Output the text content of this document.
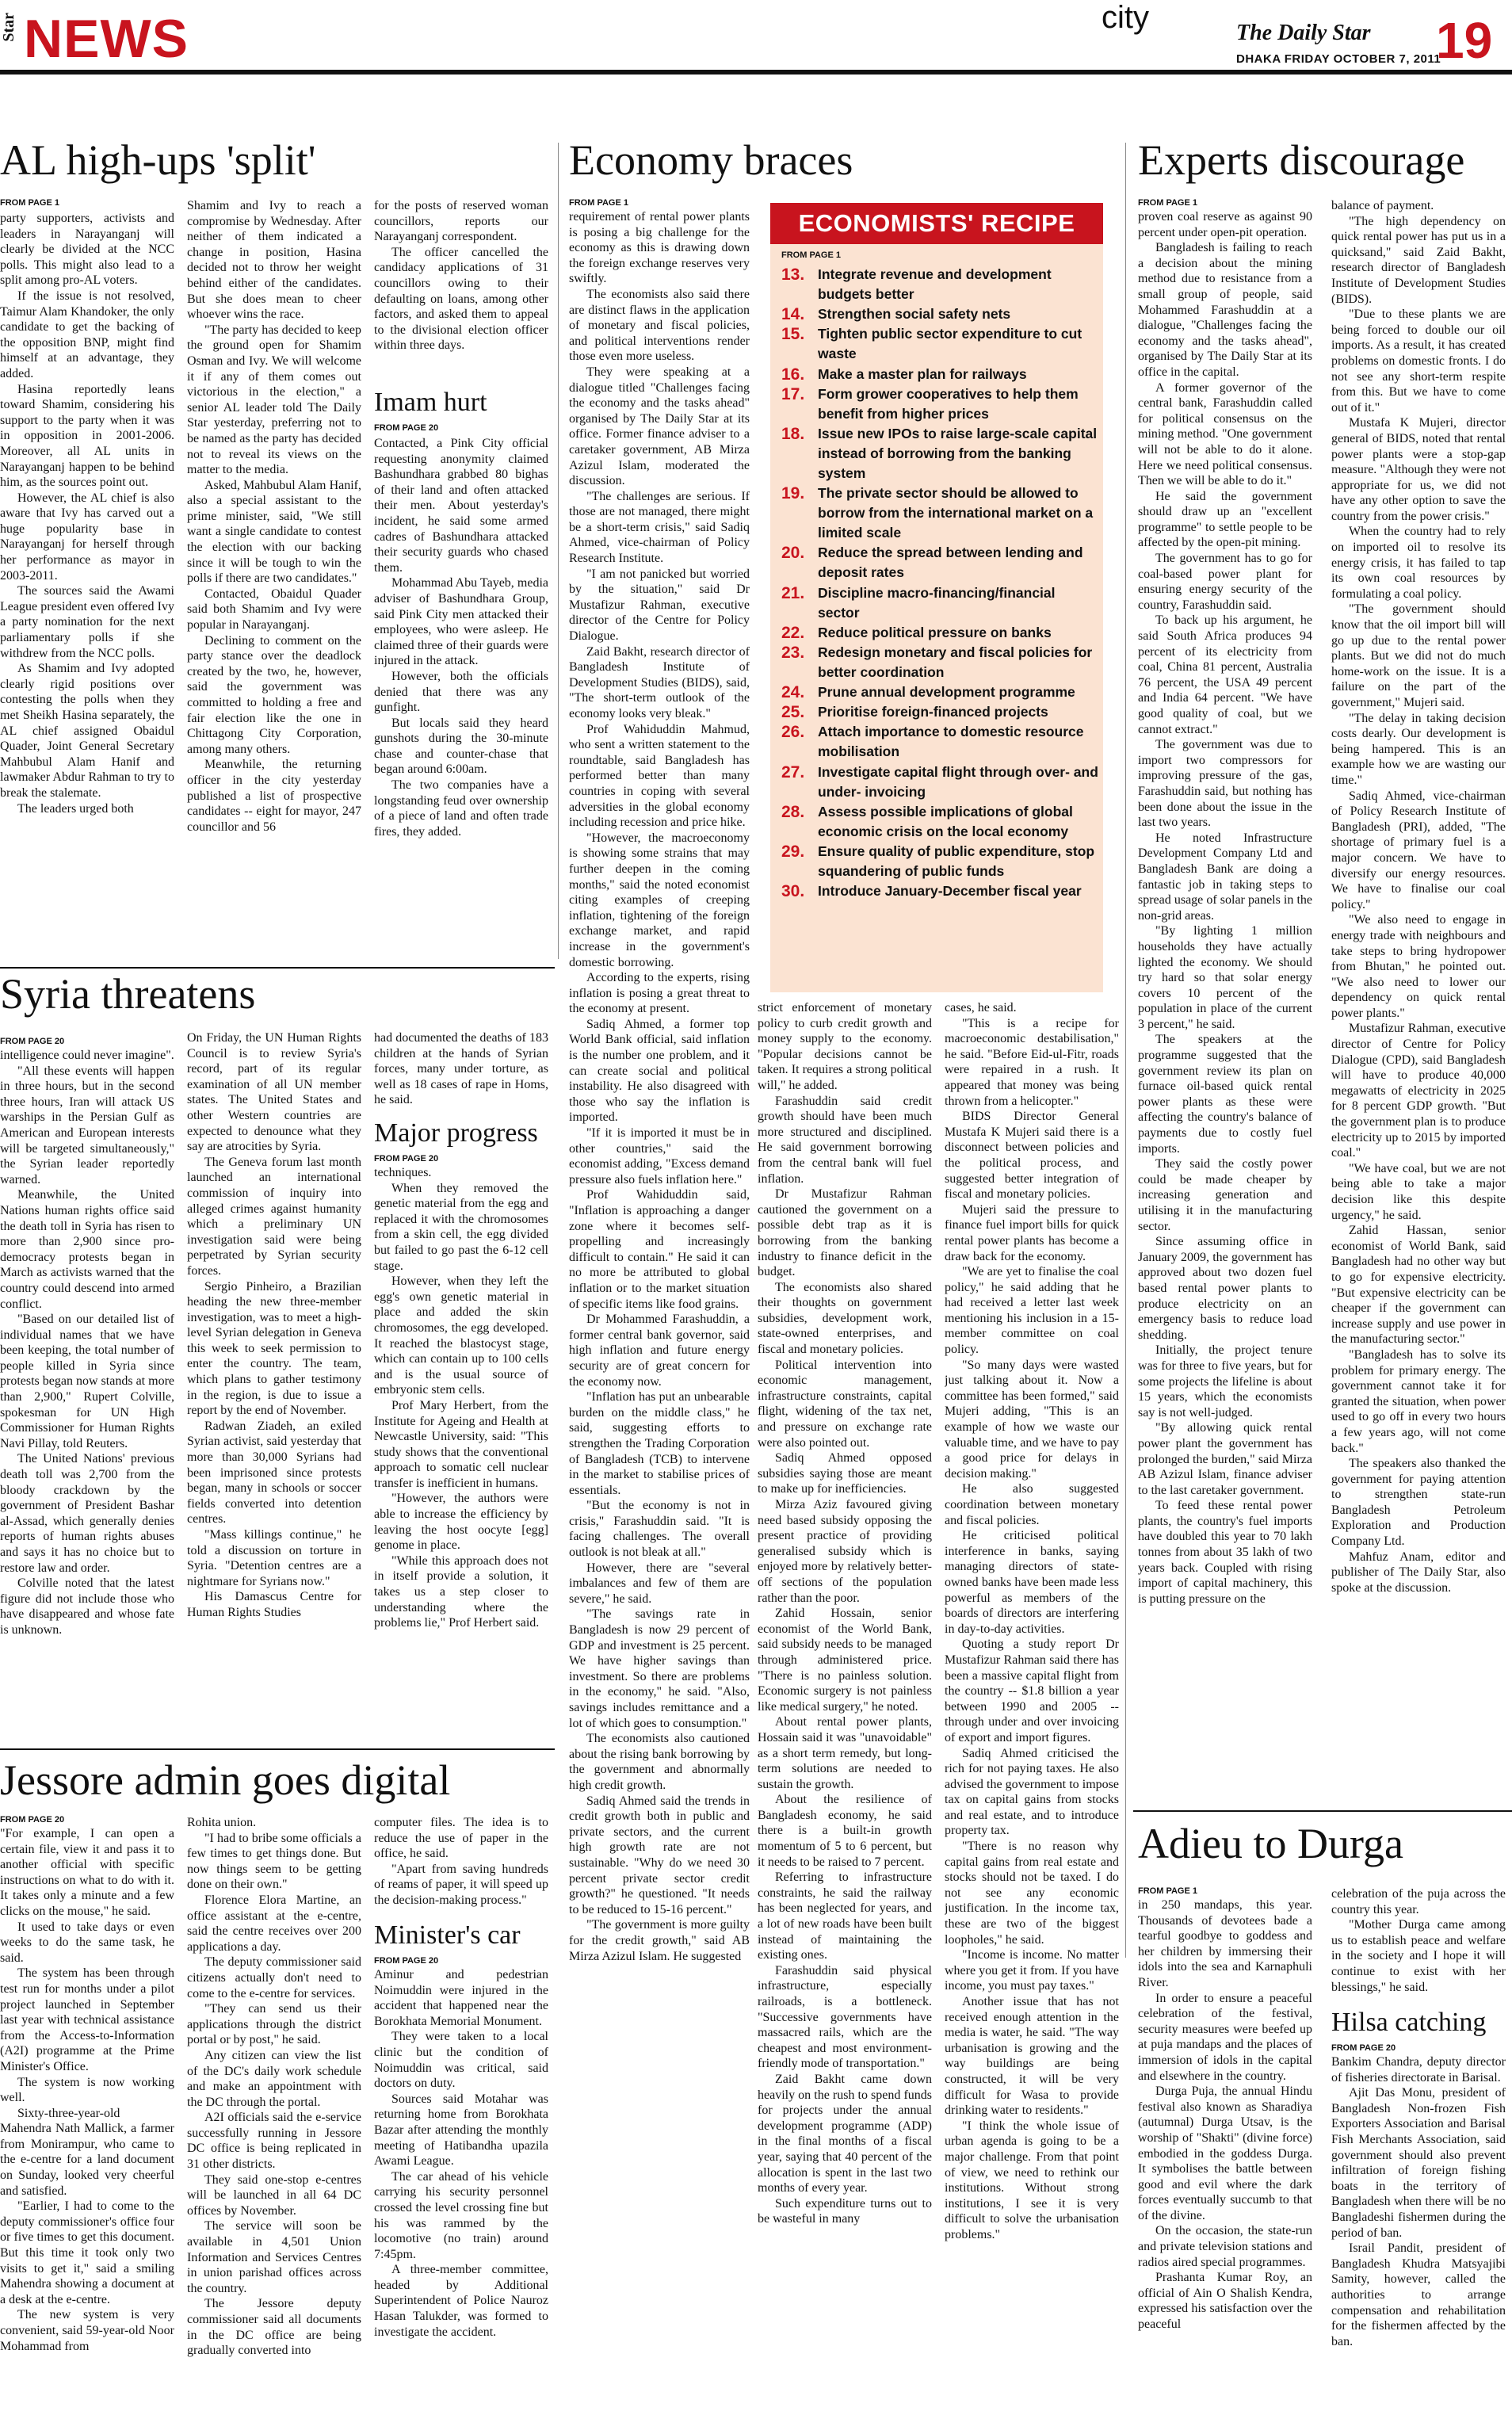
Star NEWS	city	The Daily Star
DHAKA FRIDAY OCTOBER 7, 2011
19
AL high-ups 'split'
FROM PAGE 1

party supporters, activists and leaders in Narayanganj will clearly be divided at the NCC polls. This might also lead to a split among pro-AL voters.

If the issue is not resolved, Taimur Alam Khandoker, the only candidate to get the backing of the opposition BNP, might find himself at an advantage, they added.

Hasina reportedly leans toward Shamim, considering his support to the party when it was in opposition in 2001-2006. Moreover, all AL units in Narayanganj happen to be behind him, as the sources point out.

However, the AL chief is also aware that Ivy has carved out a huge popularity base in Narayanganj for herself through her performance as mayor in 2003-2011.

The sources said the Awami League president even offered Ivy a party nomination for the next parliamentary polls if she withdrew from the NCC polls.

As Shamim and Ivy adopted clearly rigid positions over contesting the polls when they met Sheikh Hasina separately, the AL chief assigned Obaidul Quader, Joint General Secretary Mahbubul Alam Hanif and lawmaker Abdur Rahman to try to break the stalemate.

The leaders urged both

Shamim and Ivy to reach a compromise by Wednesday. After neither of them indicated a change in position, Hasina decided not to throw her weight behind either of the candidates. But she does mean to cheer whoever wins the race.

"The party has decided to keep the ground open for Shamim Osman and Ivy. We will welcome it if any of them comes out victorious in the election," a senior AL leader told The Daily Star yesterday, preferring not to be named as the party has decided not to reveal its views on the matter to the media.

Asked, Mahbubul Alam Hanif, also a special assistant to the prime minister, said, "We still want a single candidate to contest the election with our backing since it will be tough to win the polls if there are two candidates."

Contacted, Obaidul Quader said both Shamim and Ivy were popular in Narayanganj.

Declining to comment on the party stance over the deadlock created by the two, he, however, said the government was committed to holding a free and fair election like the one in Chittagong City Corporation, among many others.

Meanwhile, the returning officer in the city yesterday published a list of prospective candidates -- eight for mayor, 247 councillor and 56

for the posts of reserved woman councillors, reports our Narayanganj correspondent.

The officer cancelled the candidacy applications of 31 councillors owing to their defaulting on loans, among other factors, and asked them to appeal to the divisional election officer within three days.

Imam hurt
FROM PAGE 20

Contacted, a Pink City official requesting anonymity claimed Bashundhara grabbed 80 bighas of their land and often attacked their men. About yesterday's incident, he said some armed cadres of Bashundhara attacked their security guards who chased them.

Mohammad Abu Tayeb, media adviser of Bashundhara Group, said Pink City men attacked their employees, who were asleep. He claimed three of their guards were injured in the attack.

However, both the officials denied that there was any gunfight.

But locals said they heard gunshots during the 30-minute chase and counter-chase that began around 6:00am.

The two companies have a longstanding feud over ownership of a piece of land and often trade fires, they added.

Syria threatens
FROM PAGE 20

intelligence could never imagine".

"All these events will happen in three hours, but in the second three hours, Iran will attack US warships in the Persian Gulf as American and European interests will be targeted simultaneously," the Syrian leader reportedly warned.

Meanwhile, the United Nations human rights office said the death toll in Syria has risen to more than 2,900 since pro-democracy protests began in March as activists warned that the country could descend into armed conflict.

"Based on our detailed list of individual names that we have been keeping, the total number of people killed in Syria since protests began now stands at more than 2,900," Rupert Colville, spokesman for UN High Commissioner for Human Rights Navi Pillay, told Reuters.

The United Nations' previous death toll was 2,700 from the bloody crackdown by the government of President Bashar al-Assad, which generally denies reports of human rights abuses and says it has no choice but to restore law and order.

Colville noted that the latest figure did not include those who have disappeared and whose fate is unknown.

On Friday, the UN Human Rights Council is to review Syria's record, part of its regular examination of all UN member states. The United States and other Western countries are expected to denounce what they say are atrocities by Syria.

The Geneva forum last month launched an international commission of inquiry into alleged crimes against humanity which a preliminary UN investigation said were being perpetrated by Syrian security forces.

Sergio Pinheiro, a Brazilian heading the new three-member investigation, was to meet a high-level Syrian delegation in Geneva this week to seek permission to enter the country. The team, which plans to gather testimony in the region, is due to issue a report by the end of November.

Radwan Ziadeh, an exiled Syrian activist, said yesterday that more than 30,000 Syrians had been imprisoned since protests began, many in schools or soccer fields converted into detention centres.

"Mass killings continue," he told a discussion on torture in Syria. "Detention centres are a nightmare for Syrians now."

His Damascus Centre for Human Rights Studies

had documented the deaths of 183 children at the hands of Syrian forces, many under torture, as well as 18 cases of rape in Homs, he said.

Major progress
FROM PAGE 20

techniques.

When they removed the genetic material from the egg and replaced it with the chromosomes from a skin cell, the egg divided but failed to go past the 6-12 cell stage.

However, when they left the egg's own genetic material in place and added the skin chromosomes, the egg developed. It reached the blastocyst stage, which can contain up to 100 cells and is the usual source of embryonic stem cells.

Prof Mary Herbert, from the Institute for Ageing and Health at Newcastle University, said: "This study shows that the conventional approach to somatic cell nuclear transfer is inefficient in humans.

"However, the authors were able to increase the efficiency by leaving the host oocyte [egg] genome in place.

"While this approach does not in itself provide a solution, it takes us a step closer to understanding where the problems lie," Prof Herbert said.

Jessore admin goes digital
FROM PAGE 20

"For example, I can open a certain file, view it and pass it to another official with specific instructions on what to do with it. It takes only a minute and a few clicks on the mouse," he said.

It used to take days or even weeks to do the same task, he said.

The system has been through test run for months under a pilot project launched in September last year with technical assistance from the Access-to-Information (A2I) programme at the Prime Minister's Office.

The system is now working well.

Sixty-three-year-old Mahendra Nath Mallick, a farmer from Monirampur, who came to the e-centre for a land document on Sunday, looked very cheerful and satisfied.

"Earlier, I had to come to the deputy commissioner's office four or five times to get this document. But this time it took only two visits to get it," said a smiling Mahendra showing a document at a desk at the e-centre.

The new system is very convenient, said 59-year-old Noor Mohammad from

Rohita union.

"I had to bribe some officials a few times to get things done. But now things seem to be getting done on their own."

Florence Elora Martine, an office assistant at the e-centre, said the centre receives over 200 applications a day.

The deputy commissioner said citizens actually don't need to come to the e-centre for services.

"They can send us their applications through the district portal or by post," he said.

Any citizen can view the list of the DC's daily work schedule and make an appointment with the DC through the portal.

A2I officials said the e-service successfully running in Jessore DC office is being replicated in 31 other districts.

They said one-stop e-centres will be launched in all 64 DC offices by November.

The service will soon be available in 4,501 Union Information and Services Centres in union parishad offices across the country.

The Jessore deputy commissioner said all documents in the DC office are being gradually converted into

computer files. The idea is to reduce the use of paper in the office, he said.

"Apart from saving hundreds of reams of paper, it will speed up the decision-making process."

Minister's car
FROM PAGE 20

Aminur and pedestrian Noimuddin were injured in the accident that happened near the Borokhata Memorial Monument.

They were taken to a local clinic but the condition of Noimuddin was critical, said doctors on duty.

Sources said Motahar was returning home from Borokhata Bazar after attending the monthly meeting of Hatibandha upazila Awami League.

The car ahead of his vehicle carrying his security personnel crossed the level crossing fine but his was rammed by the locomotive (no train) around 7:45pm.

A three-member committee, headed by Additional Superintendent of Police Nauroz Hasan Talukder, was formed to investigate the accident.

Economy braces
FROM PAGE 1

requirement of rental power plants is posing a big challenge for the economy as this is drawing down the foreign exchange reserves very swiftly.

The economists also said there are distinct flaws in the application of monetary and fiscal policies, and political interventions render those even more useless.

They were speaking at a dialogue titled "Challenges facing the economy and the tasks ahead" organised by The Daily Star at its office. Former finance adviser to a caretaker government, AB Mirza Azizul Islam, moderated the discussion.

"The challenges are serious. If those are not managed, there might be a short-term crisis," said Sadiq Ahmed, vice-chairman of Policy Research Institute.

"I am not panicked but worried by the situation," said Dr Mustafizur Rahman, executive director of the Centre for Policy Dialogue.

Zaid Bakht, research director of Bangladesh Institute of Development Studies (BIDS), said, "The short-term outlook of the economy looks very bleak."

Prof Wahiduddin Mahmud, who sent a written statement to the roundtable, said Bangladesh has performed better than many countries in coping with several adversities in the global economy including recession and price hike.

"However, the macroeconomy is showing some strains that may further deepen in the coming months," said the noted economist citing examples of creeping inflation, tightening of the foreign exchange market, and rapid increase in the government's domestic borrowing.

According to the experts, rising inflation is posing a great threat to the economy at present.

Sadiq Ahmed, a former top World Bank official, said inflation is the number one problem, and it can create social and political instability. He also disagreed with those who say the inflation is imported.

"If it is imported it must be in other countries," said the economist adding, "Excess demand pressure also fuels inflation here."

Prof Wahiduddin said, "Inflation is approaching a danger zone where it becomes self-propelling and increasingly difficult to contain." He said it can no more be attributed to global inflation or to the market situation of specific items like food grains.

Dr Mohammed Farashuddin, a former central bank governor, said high inflation and future energy security are of great concern for the economy now.

"Inflation has put an unbearable burden on the middle class," he said, suggesting efforts to strengthen the Trading Corporation of Bangladesh (TCB) to intervene in the market to stabilise prices of essentials.

"But the economy is not in crisis," Farashuddin said. "It is facing challenges. The overall outlook is not bleak at all."

However, there are "several imbalances and few of them are severe," he said.

"The savings rate in Bangladesh is now 29 percent of GDP and investment is 25 percent. We have higher savings than investment. So there are problems in the economy," he said. "Also, savings includes remittance and a lot of which goes to consumption."

The economists also cautioned about the rising bank borrowing by the government and abnormally high credit growth.

Sadiq Ahmed said the trends in credit growth both in public and private sectors, and the current high growth rate are not sustainable. "Why do we need 30 percent private sector credit growth?" he questioned. "It needs to be reduced to 15-16 percent."

"The government is more guilty for the credit growth," said AB Mirza Azizul Islam. He suggested

ECONOMISTS' RECIPE
FROM PAGE 1
13. Integrate revenue and development budgets better
14. Strengthen social safety nets
15. Tighten public sector expenditure to cut waste
16. Make a master plan for railways
17. Form grower cooperatives to help them benefit from higher prices
18. Issue new IPOs to raise large-scale capital instead of borrowing from the banking system
19. The private sector should be allowed to borrow from the international market on a limited scale
20. Reduce the spread between lending and deposit rates
21. Discipline macro-financing/financial sector
22. Reduce political pressure on banks
23. Redesign monetary and fiscal policies for better coordination
24. Prune annual development programme
25. Prioritise foreign-financed projects
26. Attach importance to domestic resource mobilisation
27. Investigate capital flight through over- and under- invoicing
28. Assess possible implications of global economic crisis on the local economy
29. Ensure quality of public expenditure, stop squandering of public funds
30. Introduce January-December fiscal year

strict enforcement of monetary policy to curb credit growth and money supply to the economy. "Popular decisions cannot be taken. It requires a strong political will," he added.

Farashuddin said credit growth should have been much more structured and disciplined. He said government borrowing from the central bank will fuel inflation.

Dr Mustafizur Rahman cautioned the government on a possible debt trap as it is borrowing from the banking industry to finance deficit in the budget.

The economists also shared their thoughts on government subsidies, development work, state-owned enterprises, and fiscal and monetary policies.

Political intervention into economic management, infrastructure constraints, capital flight, widening of the tax net, and pressure on exchange rate were also pointed out.

Sadiq Ahmed opposed subsidies saying those are meant to make up for inefficiencies.

Mirza Aziz favoured giving need based subsidy opposing the present practice of providing generalised subsidy which is enjoyed more by relatively better-off sections of the population rather than the poor.

Zahid Hossain, senior economist of the World Bank, said subsidy needs to be managed through administered price. "There is no painless solution. Economic surgery is not painless like medical surgery," he noted.

About rental power plants, Hossain said it was "unavoidable" as a short term remedy, but long-term solutions are needed to sustain the growth.

About the resilience of Bangladesh economy, he said there is a built-in growth momentum of 5 to 6 percent, but it needs to be raised to 7 percent.

Referring to infrastructure constraints, he said the railway has been neglected for years, and a lot of new roads have been built instead of maintaining the existing ones.

Farashuddin said physical infrastructure, especially railroads, is a bottleneck. "Successive governments have massacred rails, which are the cheapest and most environment-friendly mode of transportation."

Zaid Bakht came down heavily on the rush to spend funds for projects under the annual development programme (ADP) in the final months of a fiscal year, saying that 40 percent of the allocation is spent in the last two months of every year.

Such expenditure turns out to be wasteful in many

cases, he said.

"This is a recipe for macroeconomic destabilisation," he said. "Before Eid-ul-Fitr, roads were repaired in a rush. It appeared that money was being thrown from a helicopter."

BIDS Director General Mustafa K Mujeri said there is a disconnect between policies and the political process, and suggested better integration of fiscal and monetary policies.

Mujeri said the pressure to finance fuel import bills for quick rental power plants has become a draw back for the economy.

"We are yet to finalise the coal policy," he said adding that he had received a letter last week mentioning his inclusion in a 15-member committee on coal policy.

"So many days were wasted just talking about it. Now a committee has been formed," said Mujeri adding, "This is an example of how we waste our valuable time, and we have to pay a good price for delays in decision making."

He also suggested coordination between monetary and fiscal policies.

He criticised political interference in banks, saying managing directors of state-owned banks have been made less powerful as members of the boards of directors are interfering in day-to-day activities.

Quoting a study report Dr Mustafizur Rahman said there has been a massive capital flight from the country -- $1.8 billion a year between 1990 and 2005 -- through under and over invoicing of export and import figures.

Sadiq Ahmed criticised the rich for not paying taxes. He also advised the government to impose tax on capital gains from stocks and real estate, and to introduce property tax.

"There is no reason why capital gains from real estate and stocks should not be taxed. I do not see any economic justification. In the income tax, these are two of the biggest loopholes," he said.

"Income is income. No matter where you get it from. If you have income, you must pay taxes."

Another issue that has not received enough attention in the media is water, he said. "The way urbanisation is growing and the way buildings are being constructed, it will be very difficult for Wasa to provide drinking water to residents."

"I think the whole issue of urban agenda is going to be a major challenge. From that point of view, we need to rethink our institutions. Without strong institutions, I see it is very difficult to solve the urbanisation problems."

Experts discourage
FROM PAGE 1

proven coal reserve as against 90 percent under open-pit operation.

Bangladesh is failing to reach a decision about the mining method due to resistance from a small group of people, said Mohammed Farashuddin at a dialogue, "Challenges facing the economy and the tasks ahead", organised by The Daily Star at its office in the capital.

A former governor of the central bank, Farashuddin called for political consensus on the mining method. "One government will not be able to do it alone. Here we need political consensus. Then we will be able to do it."

He said the government should draw up an "excellent programme" to settle people to be affected by the open-pit mining.

The government has to go for coal-based power plant for ensuring energy security of the country, Farashuddin said.

To back up his argument, he said South Africa produces 94 percent of its electricity from coal, China 81 percent, Australia 76 percent, the USA 49 percent and India 64 percent. "We have good quality of coal, but we cannot extract."

The government was due to import two compressors for improving pressure of the gas, Farashuddin said, but nothing has been done about the issue in the last two years.

He noted Infrastructure Development Company Ltd and Bangladesh Bank are doing a fantastic job in taking steps to spread usage of solar panels in the non-grid areas.

"By lighting 1 million households they have actually lighted the economy. We should try hard so that solar energy covers 10 percent of the population in place of the current 3 percent," he said.

The speakers at the programme suggested that the government review its plan on furnace oil-based quick rental power plants as these were affecting the country's balance of payments due to costly fuel imports.

They said the costly power could be made cheaper by increasing generation and utilising it in the manufacturing sector.

Since assuming office in January 2009, the government has approved about two dozen fuel based rental power plants to produce electricity on an emergency basis to reduce load shedding.

Initially, the project tenure was for three to five years, but for some projects the lifeline is about 15 years, which the economists say is not well-judged.

"By allowing quick rental power plant the government has prolonged the burden," said Mirza AB Azizul Islam, finance adviser to the last caretaker government.

To feed these rental power plants, the country's fuel imports have doubled this year to 70 lakh tonnes from about 35 lakh of two years back. Coupled with rising import of capital machinery, this is putting pressure on the

balance of payment.

"The high dependency on quick rental power has put us in a quicksand," said Zaid Bakht, research director of Bangladesh Institute of Development Studies (BIDS).

"Due to these plants we are being forced to double our oil imports. As a result, it has created problems on domestic fronts. I do not see any short-term respite from this. But we have to come out of it."

Mustafa K Mujeri, director general of BIDS, noted that rental power plants were a stop-gap measure. "Although they were not appropriate for us, we did not have any other option to save the country from the power crisis."

When the country had to rely on imported oil to resolve its energy crisis, it has failed to tap its own coal resources by formulating a coal policy.

"The government should know that the oil import bill will go up due to the rental power plants. But we did not do much home-work on the issue. It is a failure on the part of the government," Mujeri said.

"The delay in taking decision costs dearly. Our development is being hampered. This is an example how we are wasting our time."

Sadiq Ahmed, vice-chairman of Policy Research Institute of Bangladesh (PRI), added, "The shortage of primary fuel is a major concern. We have to diversify our energy resources. We have to finalise our coal policy."

"We also need to engage in energy trade with neighbours and take steps to bring hydropower from Bhutan," he pointed out. "We also need to lower our dependency on quick rental power plants."

Mustafizur Rahman, executive director of Centre for Policy Dialogue (CPD), said Bangladesh will have to produce 40,000 megawatts of electricity in 2025 for 8 percent GDP growth. "But the government plan is to produce electricity up to 2015 by imported coal."

"We have coal, but we are not being able to take a major decision like this despite urgency," he said.

Zahid Hassan, senior economist of World Bank, said Bangladesh had no other way but to go for expensive electricity. "But expensive electricity can be cheaper if the government can increase supply and use power in the manufacturing sector."

"Bangladesh has to solve its problem for primary energy. The government cannot take it for granted the situation, when power used to go off in every two hours a few years ago, will not come back."

The speakers also thanked the government for paying attention to strengthen state-run Bangladesh Petroleum Exploration and Production Company Ltd.

Mahfuz Anam, editor and publisher of The Daily Star, also spoke at the discussion.

Adieu to Durga
FROM PAGE 1

in 250 mandaps, this year. Thousands of devotees bade a tearful goodbye to goddess and her children by immersing their idols into the sea and Karnaphuli River.

In order to ensure a peaceful celebration of the festival, security measures were beefed up at puja mandaps and the places of immersion of idols in the capital and elsewhere in the country.

Durga Puja, the annual Hindu festival also known as Sharadiya (autumnal) Durga Utsav, is the worship of "Shakti" (divine force) embodied in the goddess Durga. It symbolises the battle between good and evil where the dark forces eventually succumb to that of the divine.

On the occasion, the state-run and private television stations and radios aired special programmes.

Prashanta Kumar Roy, an official of Ain O Shalish Kendra, expressed his satisfaction over the peaceful

celebration of the puja across the country this year.

"Mother Durga came among us to establish peace and welfare in the society and I hope it will continue to exist with her blessings," he said.

Hilsa catching
FROM PAGE 20

Bankim Chandra, deputy director of fisheries directorate in Barisal.

Ajit Das Monu, president of Bangladesh Non-frozen Fish Exporters Association and Barisal Fish Merchants Association, said government should also prevent infiltration of foreign fishing boats in the territory of Bangladesh when there will be no Bangladeshi fishermen during the period of ban.

Israil Pandit, president of Bangladesh Khudra Matsyajibi Samity, however, called the authorities to arrange compensation and rehabilitation for the fishermen affected by the ban.
